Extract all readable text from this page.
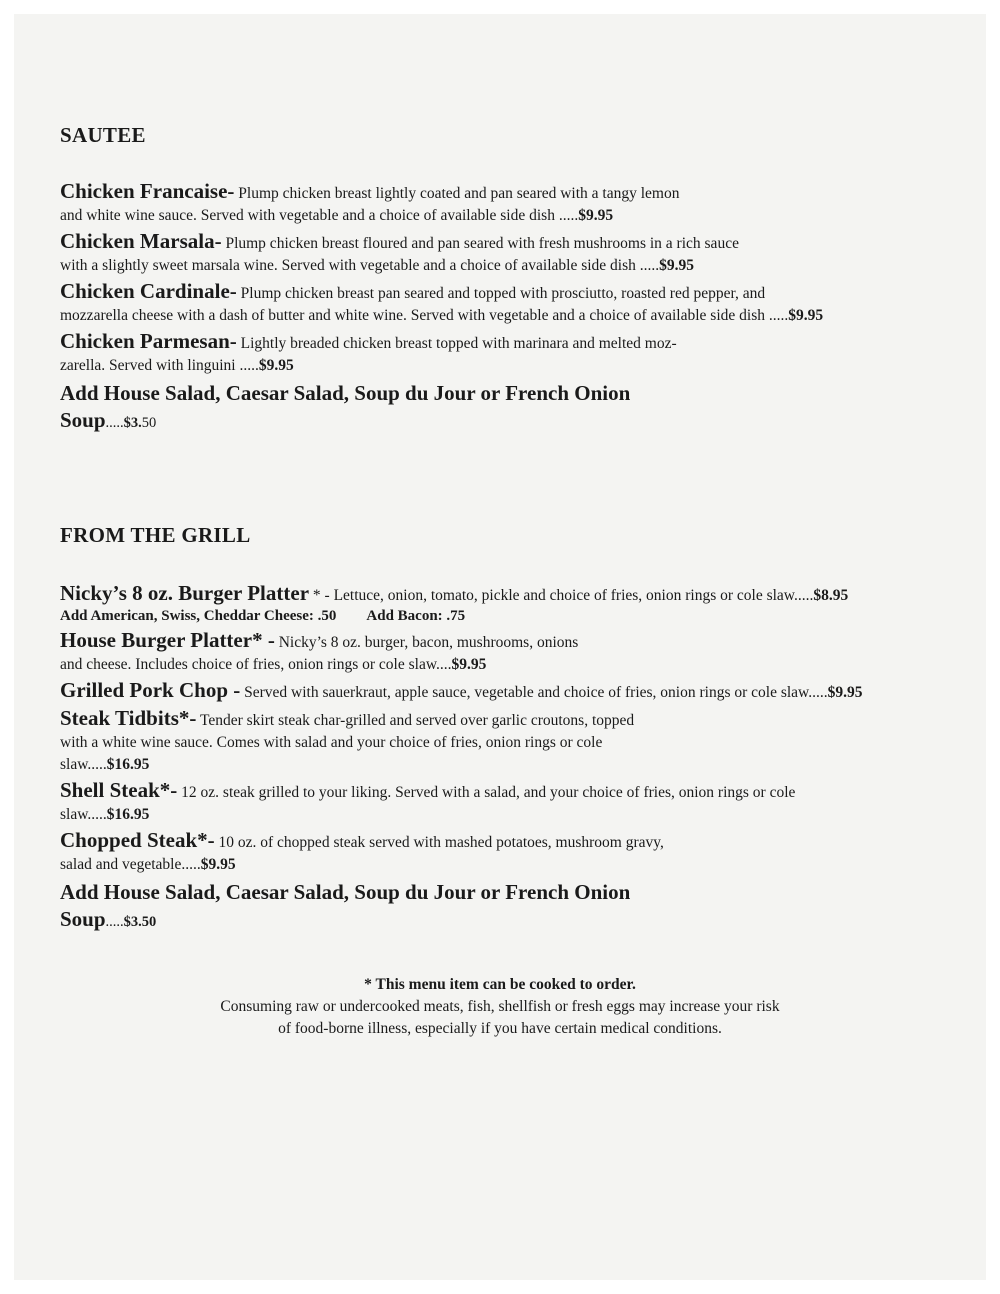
SAUTEE

Chicken Francaise- Plump chicken breast lightly coated and pan seared with a tangy lemon
and white wine sauce. Served with vegetable and a choice of available side dish .....$9.95

Chicken Marsala- Plump chicken breast floured and pan seared with fresh mushrooms in a rich sauce
with a slightly sweet marsala wine. Served with vegetable and a choice of available side dish .....$9.95

Chicken Cardinale- Plump chicken breast pan seared and topped with prosciutto, roasted red pepper, and
mozzarella cheese with a dash of butter and white wine. Served with vegetable and a choice of available side dish .....$9.95

Chicken Parmesan- Lightly breaded chicken breast topped with marinara and melted moz-
zarella. Served with linguini .....$9.95

Add House Salad, Caesar Salad, Soup du Jour or French Onion

Soup.....$3.50

FROM THE GRILL

Nicky’s 8 oz. Burger Platter * - Lettuce, onion, tomato, pickle and choice of fries, onion rings or cole slaw.....$8.95

Add American, Swiss, Cheddar Cheese: .50 Add Bacon: .75

House Burger Platter* - Nicky’s 8 oz. burger, bacon, mushrooms, onions
and cheese. Includes choice of fries, onion rings or cole slaw....$9.95

Grilled Pork Chop - Served with sauerkraut, apple sauce, vegetable and choice of fries, onion rings or cole slaw.....$9.95

Steak Tidbits*- Tender skirt steak char-grilled and served over garlic croutons, topped
with a white wine sauce. Comes with salad and your choice of fries, onion rings or cole
slaw.....$16.95

Shell Steak*- 12 oz. steak grilled to your liking. Served with a salad, and your choice of fries, onion rings or cole
slaw.....$16.95

Chopped Steak*- 10 oz. of chopped steak served with mashed potatoes, mushroom gravy,
salad and vegetable.....$9.95

Add House Salad, Caesar Salad, Soup du Jour or French Onion

Soup.....$3.50

* This menu item can be cooked to order.
Consuming raw or undercooked meats, fish, shellfish or fresh eggs may increase your risk
of food-borne illness, especially if you have certain medical conditions.
